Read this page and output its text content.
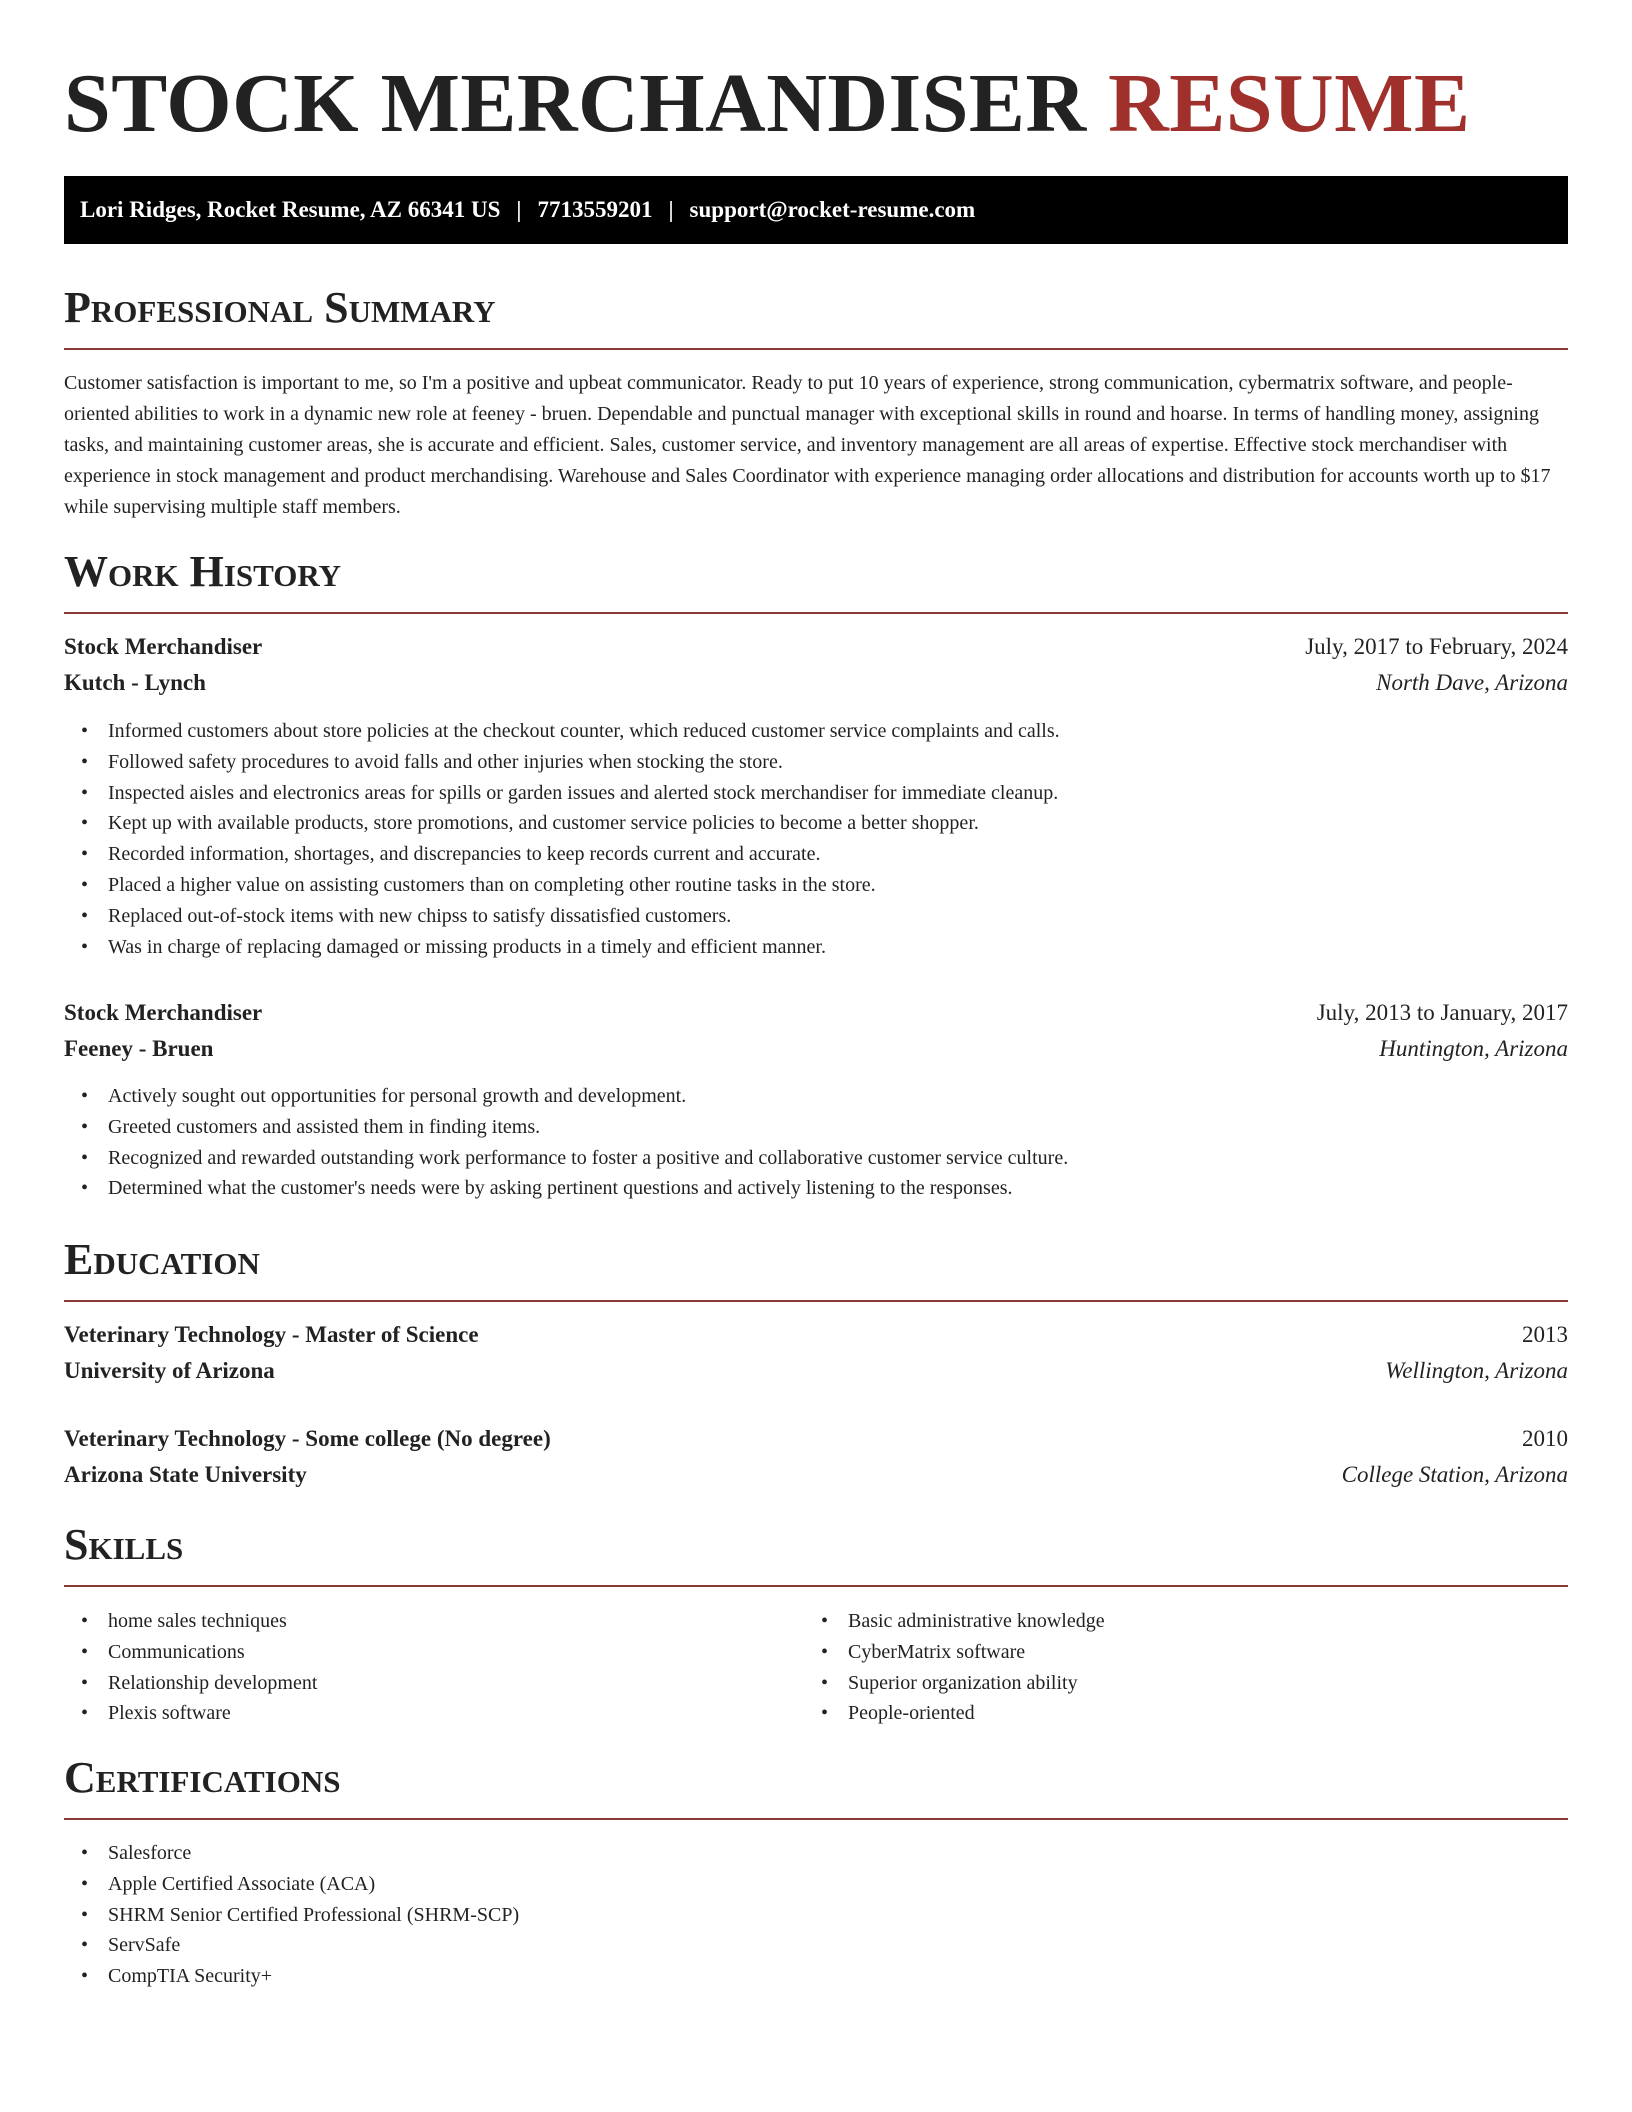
STOCK MERCHANDISER RESUME
Lori Ridges, Rocket Resume, AZ 66341 US | 7713559201 | support@rocket-resume.com
Professional Summary

Customer satisfaction is important to me, so I'm a positive and upbeat communicator. Ready to put 10 years of experience, strong communication, cybermatrix software, and people-oriented abilities to work in a dynamic new role at feeney - bruen. Dependable and punctual manager with exceptional skills in round and hoarse. In terms of handling money, assigning tasks, and maintaining customer areas, she is accurate and efficient. Sales, customer service, and inventory management are all areas of expertise. Effective stock merchandiser with experience in stock management and product merchandising. Warehouse and Sales Coordinator with experience managing order allocations and distribution for accounts worth up to $17 while supervising multiple staff members.

Work History
Stock Merchandiser	July, 2017 to February, 2024
Kutch - Lynch	North Dave, Arizona
• Informed customers about store policies at the checkout counter, which reduced customer service complaints and calls.
• Followed safety procedures to avoid falls and other injuries when stocking the store.
• Inspected aisles and electronics areas for spills or garden issues and alerted stock merchandiser for immediate cleanup.
• Kept up with available products, store promotions, and customer service policies to become a better shopper.
• Recorded information, shortages, and discrepancies to keep records current and accurate.
• Placed a higher value on assisting customers than on completing other routine tasks in the store.
• Replaced out-of-stock items with new chipss to satisfy dissatisfied customers.
• Was in charge of replacing damaged or missing products in a timely and efficient manner.
Stock Merchandiser	July, 2013 to January, 2017
Feeney - Bruen	Huntington, Arizona
• Actively sought out opportunities for personal growth and development.
• Greeted customers and assisted them in finding items.
• Recognized and rewarded outstanding work performance to foster a positive and collaborative customer service culture.
• Determined what the customer's needs were by asking pertinent questions and actively listening to the responses.
Education
Veterinary Technology - Master of Science	2013
University of Arizona	Wellington, Arizona
Veterinary Technology - Some college (No degree)	2010
Arizona State University	College Station, Arizona
Skills
• home sales techniques
• Communications
• Relationship development
• Plexis software
• Basic administrative knowledge
• CyberMatrix software
• Superior organization ability
• People-oriented
Certifications
• Salesforce
• Apple Certified Associate (ACA)
• SHRM Senior Certified Professional (SHRM-SCP)
• ServSafe
• CompTIA Security+
